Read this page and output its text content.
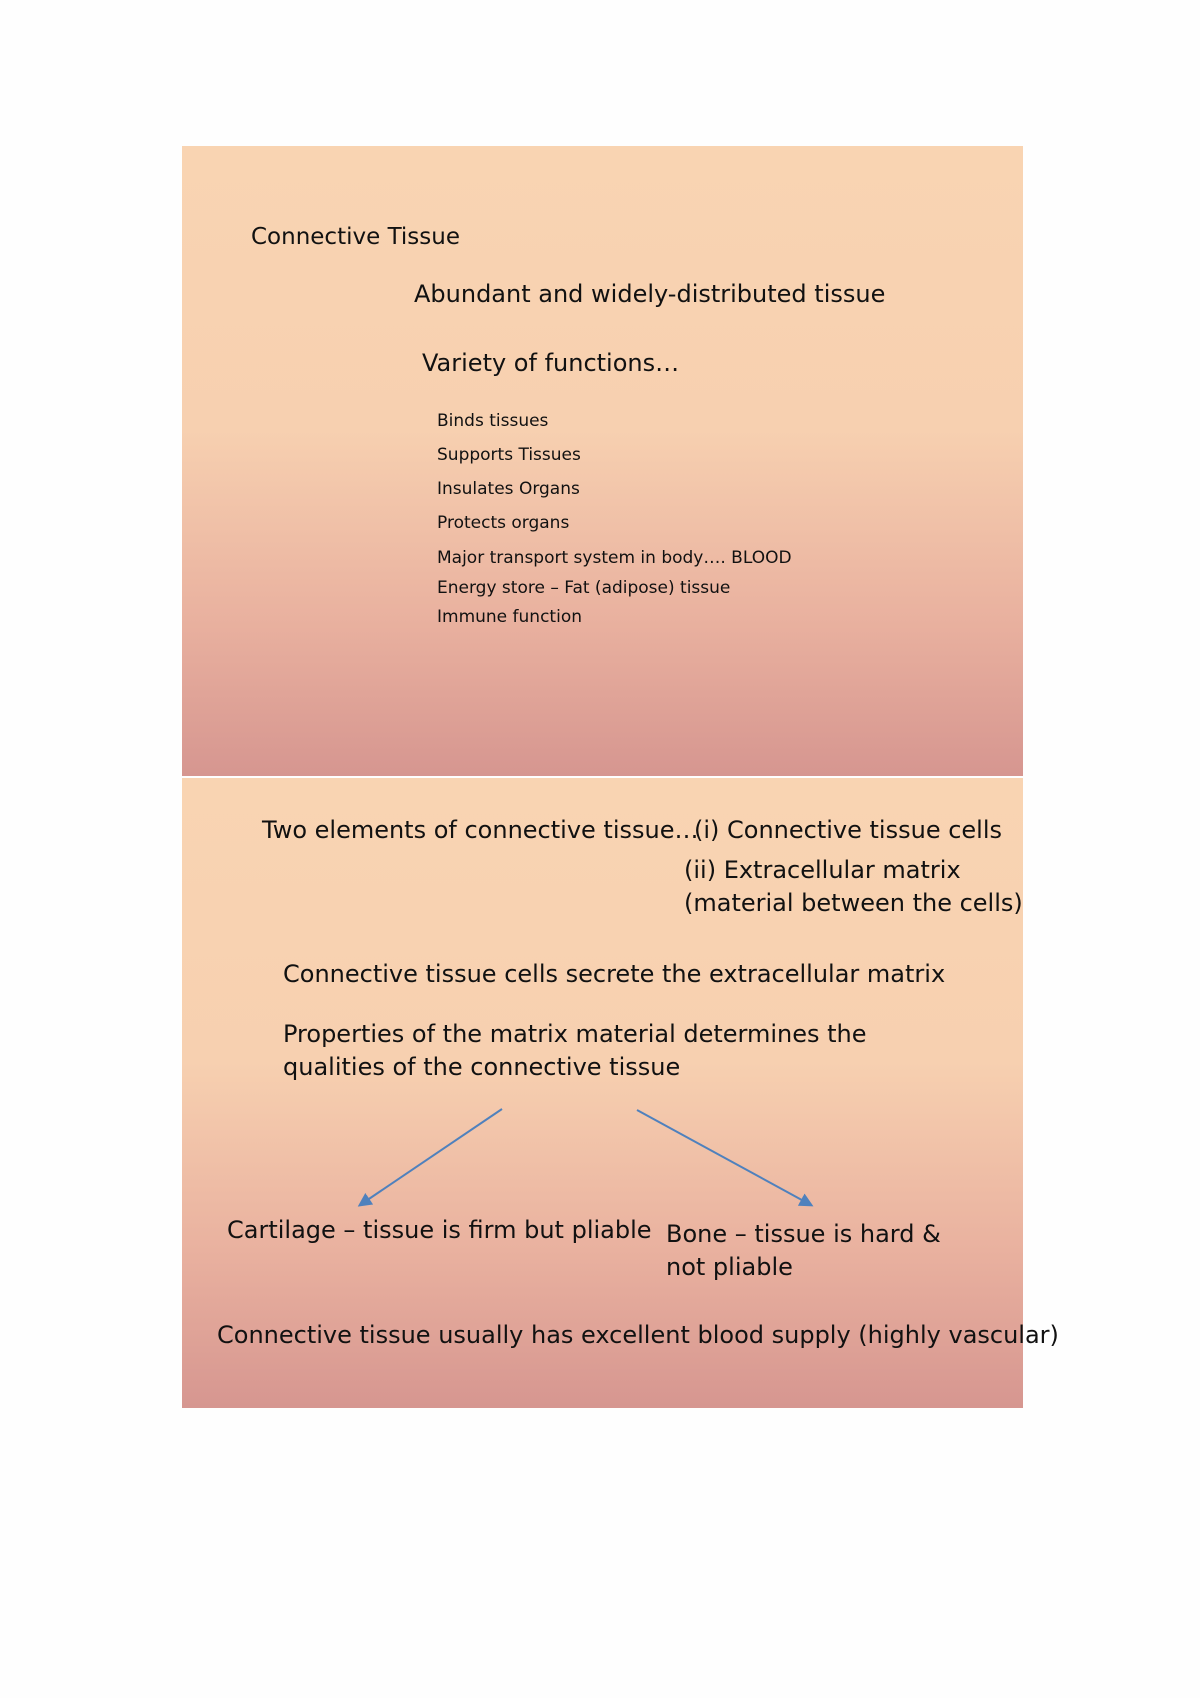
Connective Tissue
Abundant and widely-distributed tissue
Variety of functions…
Binds tissues
Supports Tissues
Insulates Organs
Protects organs
Major transport system in body…. BLOOD
Energy store – Fat (adipose) tissue
Immune function
Two elements of connective tissue…
(i) Connective tissue cells
(ii) Extracellular matrix
(material between the cells)
Connective tissue cells secrete the extracellular matrix
Properties of the matrix material determines the
qualities of the connective tissue
Cartilage – tissue is firm but pliable Bone – tissue is hard &
not pliable
Connective tissue usually has excellent blood supply (highly vascular)
